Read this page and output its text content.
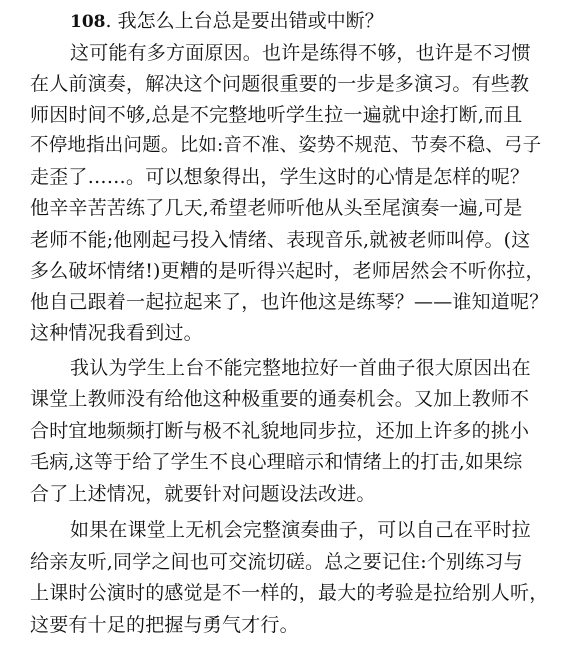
108. 我怎么上台总是要出错或中断？
这可能有多方面原因。也许是练得不够，也许是不习惯
在人前演奏，解决这个问题很重要的一步是多演习。有些教
师因时间不够,总是不完整地听学生拉一遍就中途打断,而且
不停地指出问题。比如:音不准、姿势不规范、节奏不稳、弓子
走歪了……。可以想象得出，学生这时的心情是怎样的呢？
他辛辛苦苦练了几天,希望老师听他从头至尾演奏一遍,可是
老师不能;他刚起弓投入情绪、表现音乐,就被老师叫停。(这
多么破坏情绪!)更糟的是听得兴起时，老师居然会不听你拉，
他自己跟着一起拉起来了，也许他这是练琴？——谁知道呢？
这种情况我看到过。
我认为学生上台不能完整地拉好一首曲子很大原因出在
课堂上教师没有给他这种极重要的通奏机会。又加上教师不
合时宜地频频打断与极不礼貌地同步拉，还加上许多的挑小
毛病,这等于给了学生不良心理暗示和情绪上的打击,如果综
合了上述情况，就要针对问题设法改进。
如果在课堂上无机会完整演奏曲子，可以自己在平时拉
给亲友听,同学之间也可交流切磋。总之要记住:个别练习与
上课时公演时的感觉是不一样的，最大的考验是拉给别人听，
这要有十足的把握与勇气才行。
